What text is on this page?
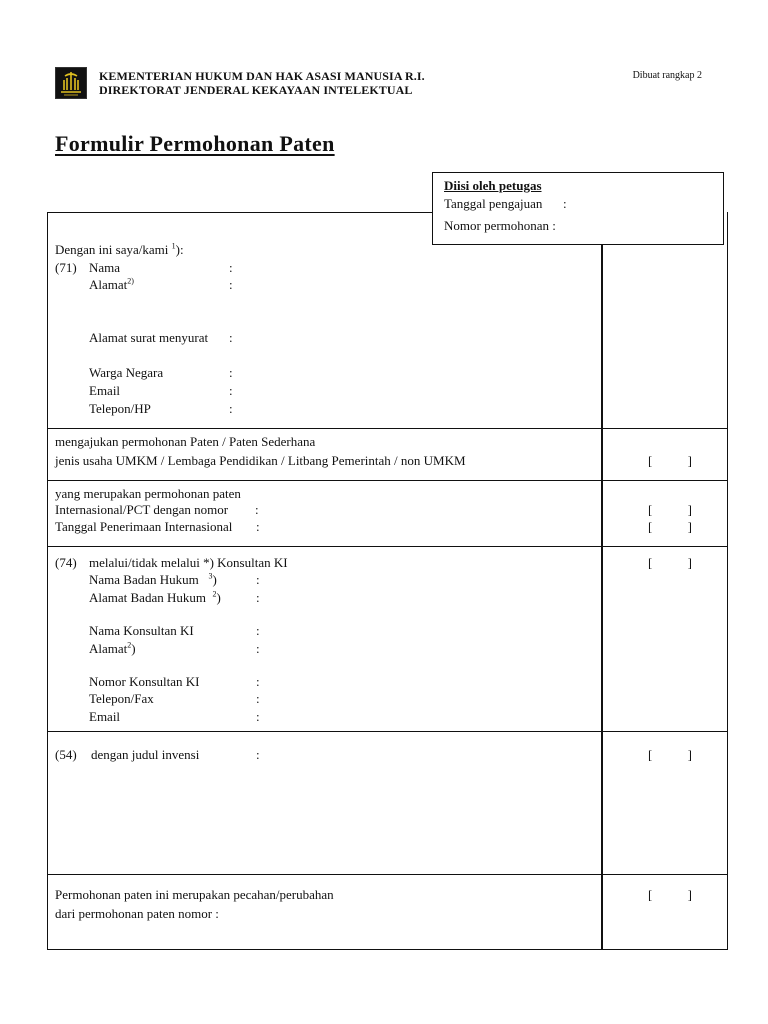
KEMENTERIAN HUKUM DAN HAK ASASI MANUSIA R.I.
DIREKTORAT JENDERAL KEKAYAAN INTELEKTUAL
Dibuat rangkap 2
Formulir Permohonan Paten
Diisi oleh petugas
Tanggal pengajuan :
Nomor permohonan :
Dengan ini saya/kami $^1$):
(71) Nama	:
Alamat$^{2)}$	:
Alamat surat menyurat :
Warga Negara	:
Email	:
Telepon/HP	:
mengajukan permohonan Paten / Paten Sederhana
jenis usaha UMKM / Lembaga Pendidikan / Litbang Pemerintah / non UMKM	[	]
yang merupakan permohonan paten
Internasional/PCT dengan nomor :	[	]
Tanggal Penerimaan Internasional :	[	]
(74) melalui/tidak melalui *) Konsultan KI	[	]
Nama Badan Hukum $^3$)	:
Alamat Badan Hukum $^2$)	:
Nama Konsultan KI	:
Alamat$^2$)	:
Nomor Konsultan KI	:
Telepon/Fax	:
Email	:
(54) dengan judul invensi	:	[	]
Permohonan paten ini merupakan pecahan/perubahan
dari permohonan paten nomor :
[	]
